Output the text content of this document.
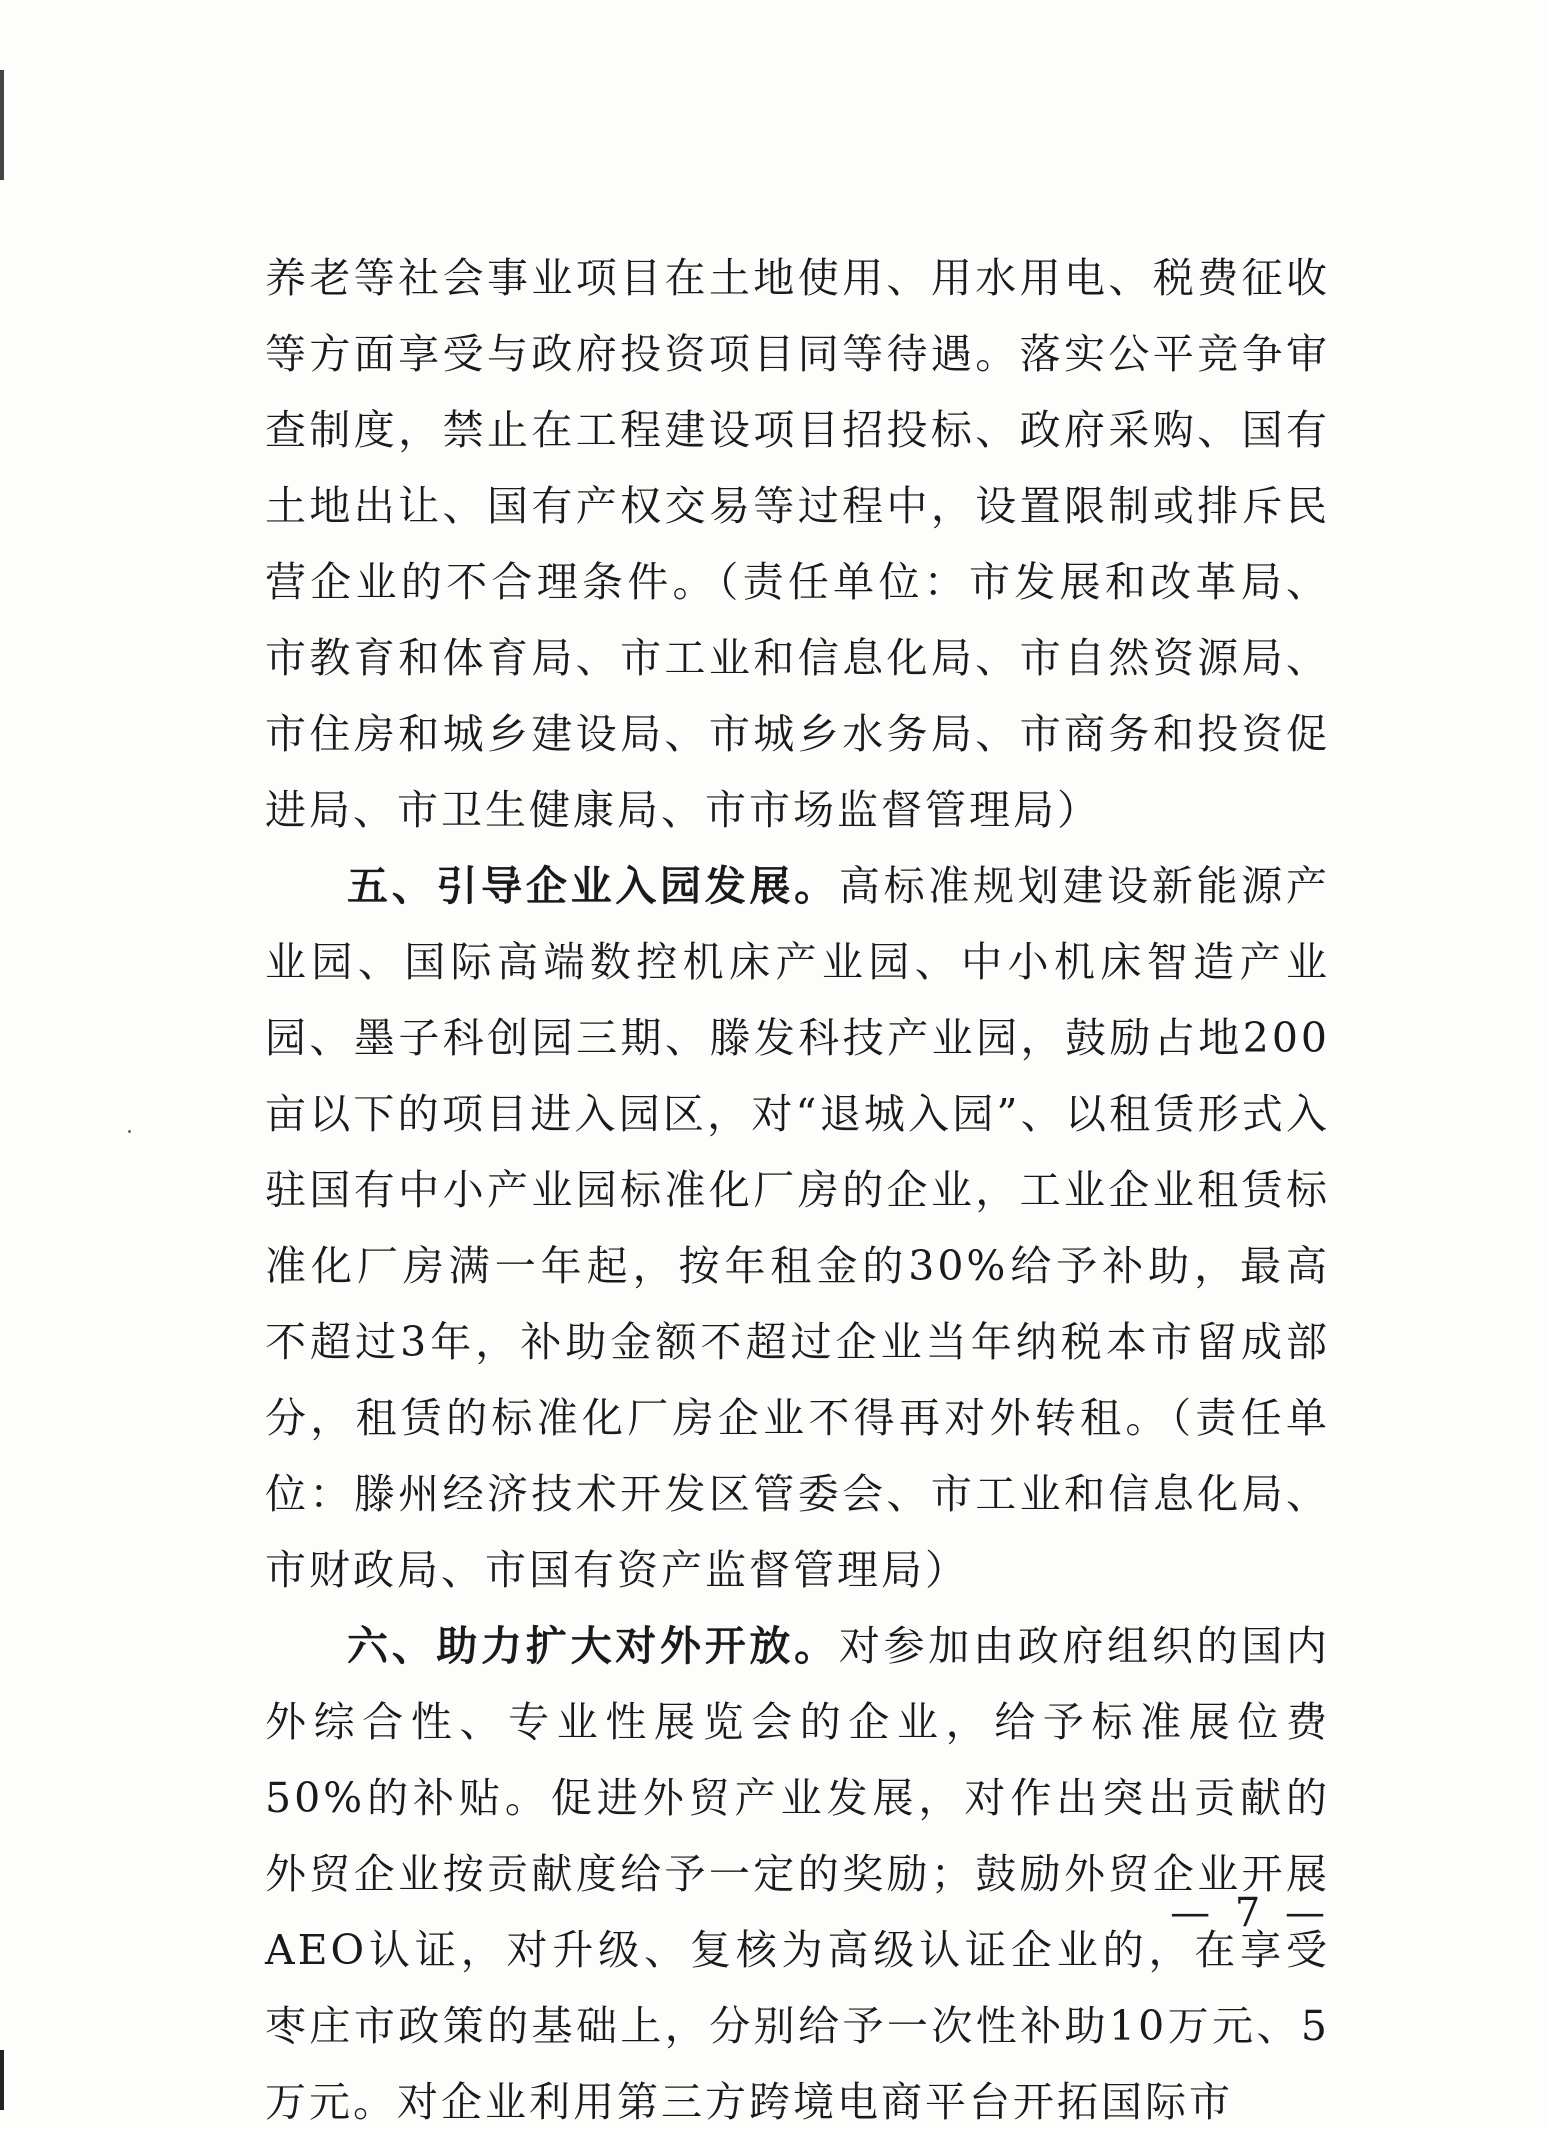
养老等社会事业项目在土地使用、用水用电、税费征收等方面享受与政府投资项目同等待遇。落实公平竞争审查制度，禁止在工程建设项目招投标、政府采购、国有土地出让、国有产权交易等过程中，设置限制或排斥民营企业的不合理条件。（责任单位：市发展和改革局、市教育和体育局、市工业和信息化局、市自然资源局、市住房和城乡建设局、市城乡水务局、市商务和投资促进局、市卫生健康局、市市场监督管理局）

五、引导企业入园发展。高标准规划建设新能源产业园、国际高端数控机床产业园、中小机床智造产业园、墨子科创园三期、滕发科技产业园，鼓励占地200亩以下的项目进入园区，对“退城入园”、以租赁形式入驻国有中小产业园标准化厂房的企业，工业企业租赁标准化厂房满一年起，按年租金的30%给予补助，最高不超过3年，补助金额不超过企业当年纳税本市留成部分，租赁的标准化厂房企业不得再对外转租。（责任单位：滕州经济技术开发区管委会、市工业和信息化局、市财政局、市国有资产监督管理局）

六、助力扩大对外开放。对参加由政府组织的国内外综合性、专业性展览会的企业，给予标准展位费50%的补贴。促进外贸产业发展，对作出突出贡献的外贸企业按贡献度给予一定的奖励；鼓励外贸企业开展AEO认证，对升级、复核为高级认证企业的，在享受枣庄市政策的基础上，分别给予一次性补助10万元、5万元。对企业利用第三方跨境电商平台开拓国际市

— 7 —
